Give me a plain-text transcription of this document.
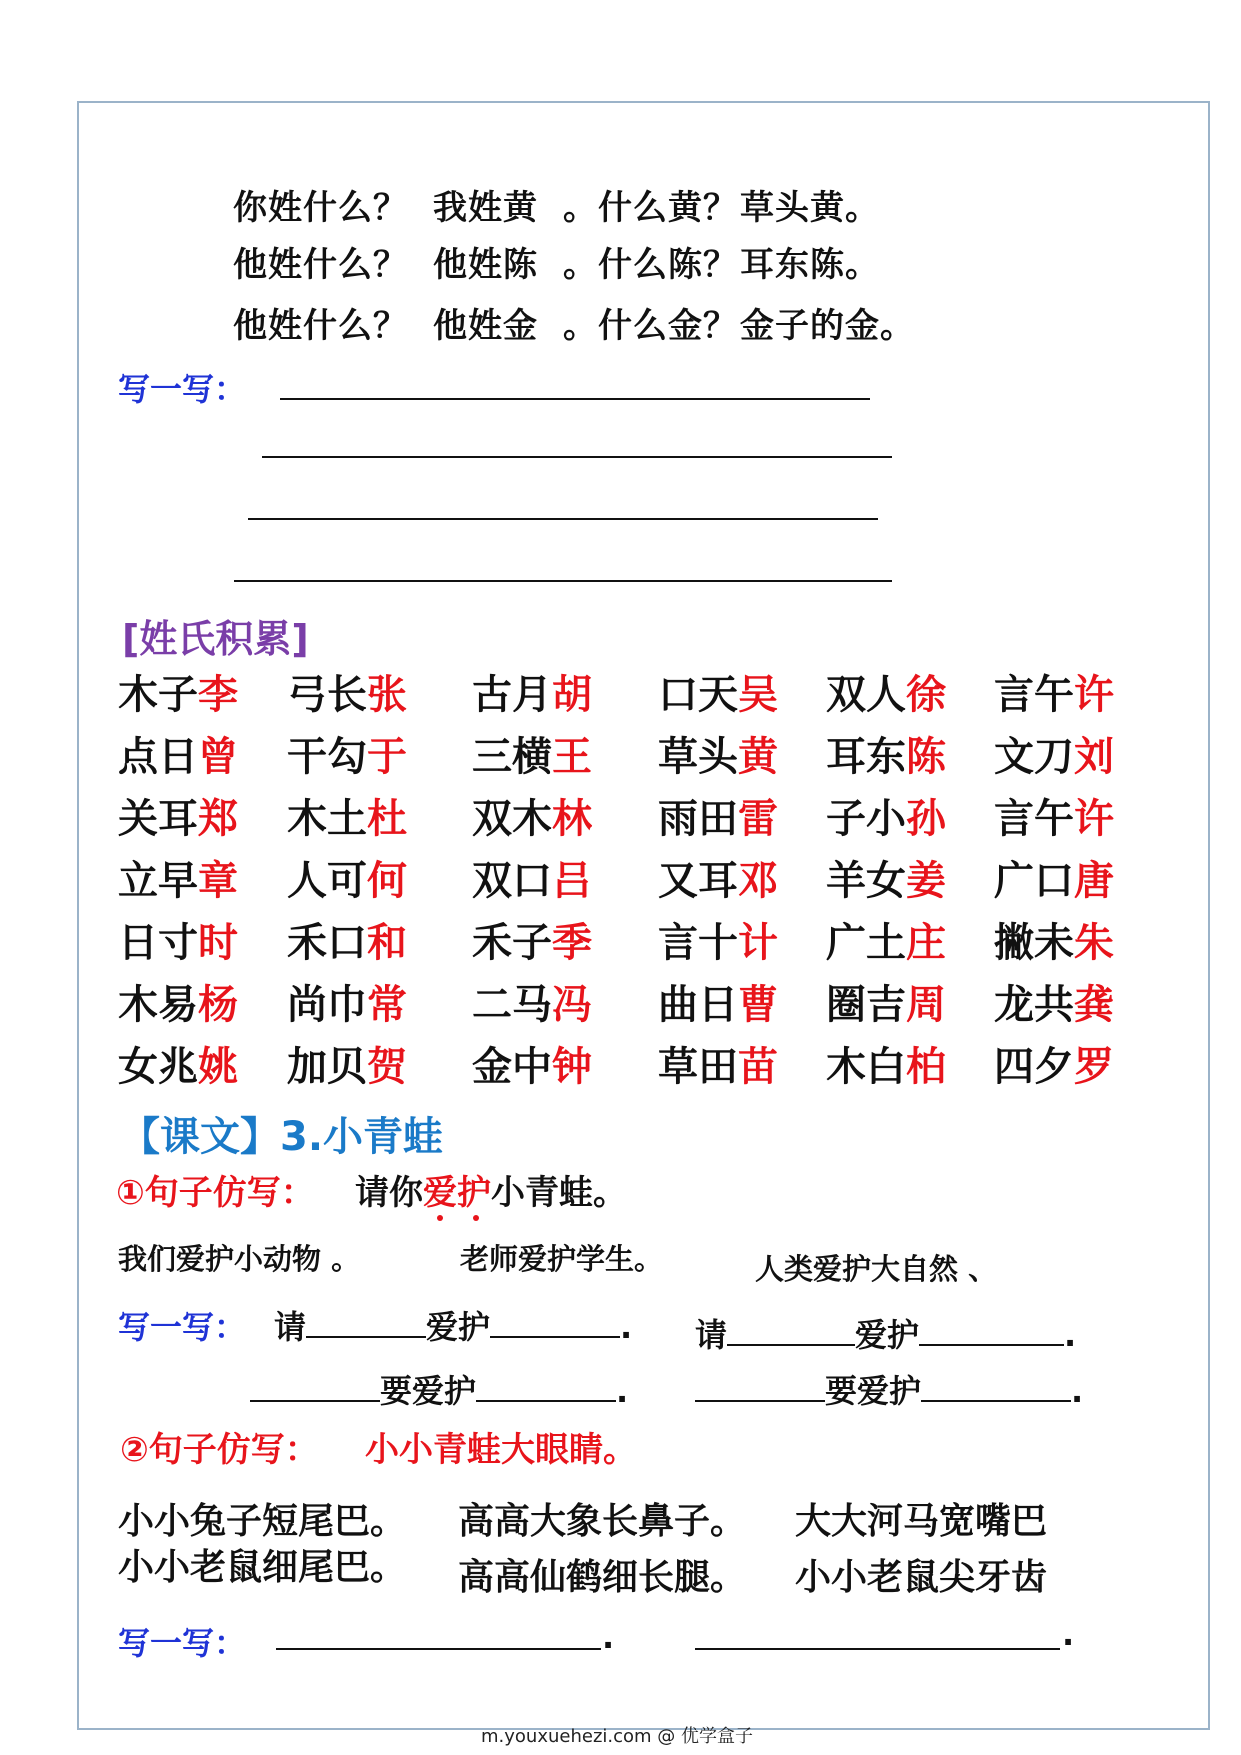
你姓什么？ 我姓黄 。什么黄？ 草头黄。
他姓什么？ 他姓陈 。什么陈？ 耳东陈。
他姓什么？ 他姓金 。什么金？ 金子的金。
写一写：
[姓氏积累]
木子李 弓长张 古月胡 口天吴 双人徐 言午许
点日曾 干勾于 三横王 草头黄 耳东陈 文刀刘
关耳郑 木土杜 双木林 雨田雷 子小孙 言午许
立早章 人可何 双口吕 又耳邓 羊女姜 广口唐
日寸时 禾口和 禾子季 言十计 广土庄 撇未朱
木易杨 尚巾常 二马冯 曲日曹 圈吉周 龙共龚
女兆姚 加贝贺 金中钟 草田苗 木白柏 四夕罗
【课文】3.小青蛙
①句子仿写： 请你爱护
小青蛙。
我们爱护小动物 。	老师爱护学生。	人类爱护大自然 、
写一写： 请	爱护	. 请	爱护	.
要爱护	.	要爱护	.
②句子仿写： 小小青蛙大眼睛。
小小兔子短尾巴。 高高大象长鼻子。 大大河马宽嘴巴
小小老鼠细尾巴。 高高仙鹤细长腿。 小小老鼠尖牙齿
写一写：	.	.
m.youxuehezi.com @ 优学盒子
